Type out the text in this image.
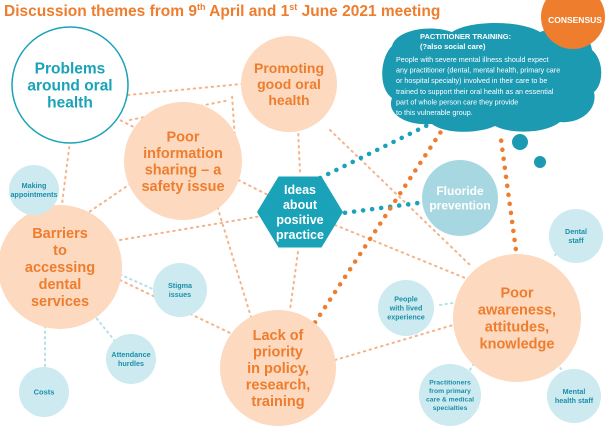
Discussion themes from 9th April and 1st June 2021 meeting
PACTITIONER TRAINING:
(?also social care)
People with severe mental illness should expect
any practitioner (dental, mental health, primary care
or hospital specialty) involved in their care to be
trained to support their oral health as an essential
part of whole person care they provide
to this vulnerable group.
CONSENSUS
Problems
around oral
health
Promoting
good oral
health
Poor
information
sharing – a
safety issue
Barriers
to
accessing
dental
services
Lack of
priority
in policy,
research,
training
Poor
awareness,
attitudes,
knowledge
Fluoride
prevention
Ideas
about
positive
practice
Making
appointments
Stigma
issues
Attendance
hurdles
Costs
People
with lived
experience
Practitioners
from primary
care & medical
specialties
Dental
staff
Mental
health staff
